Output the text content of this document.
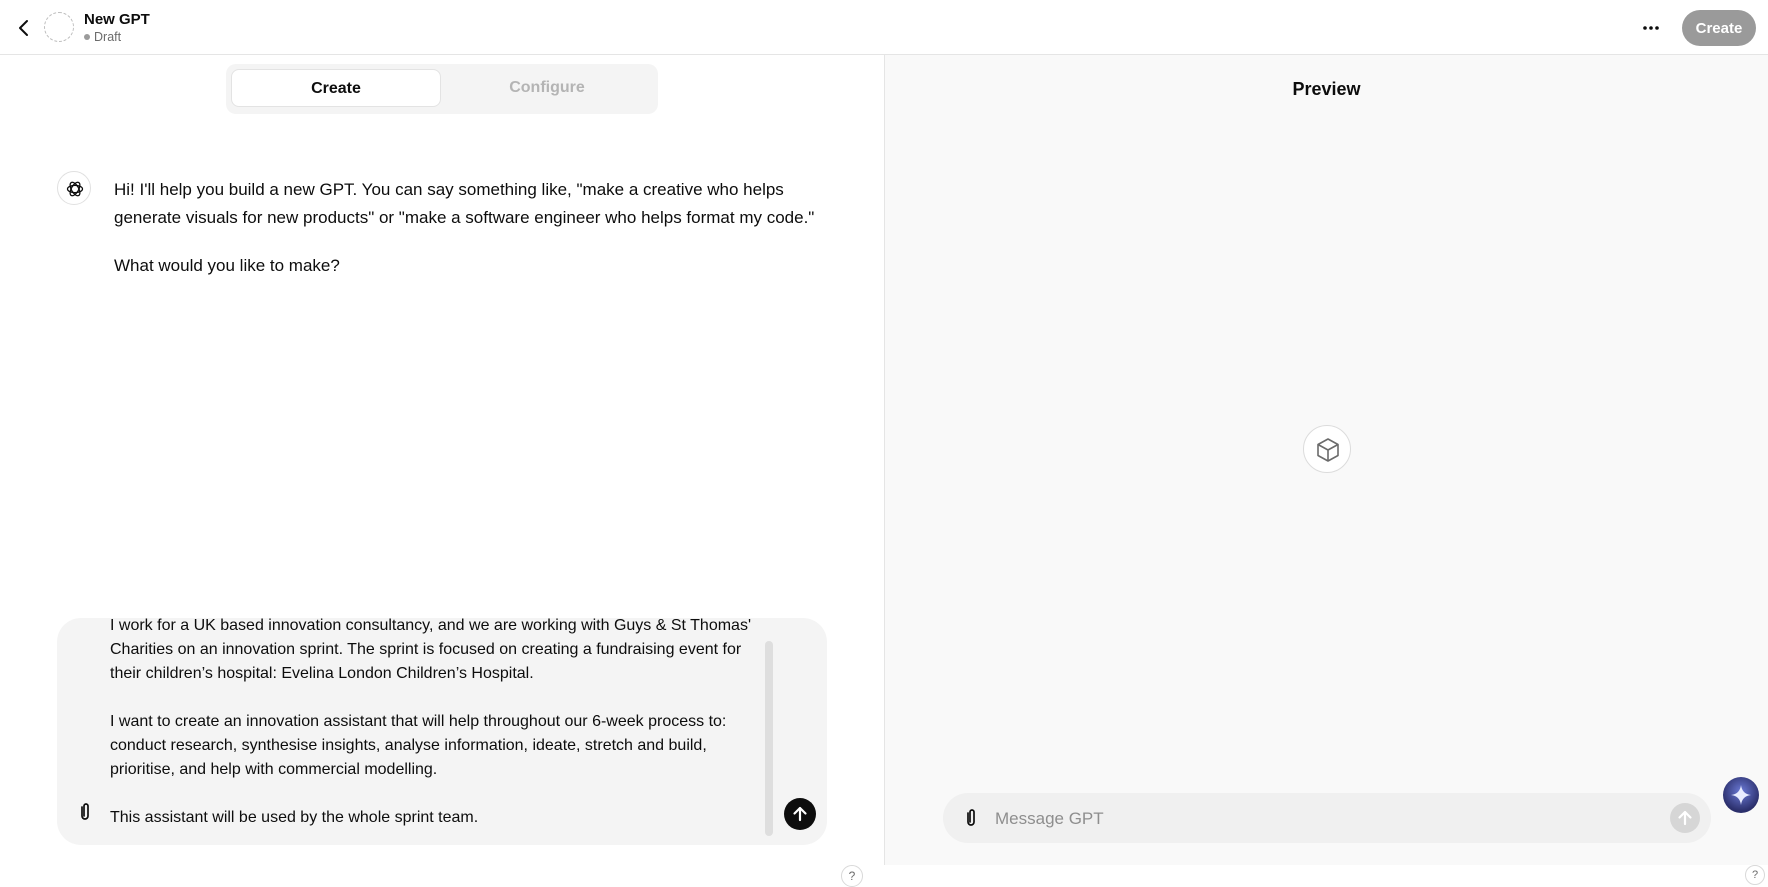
New GPT
Draft
Create
Create	Configure
Hi! I'll help you build a new GPT. You can say something like, "make a creative who helps generate visuals for new products" or "make a software engineer who helps format my code."
What would you like to make?
I work for a UK based innovation consultancy, and we are working with Guys & St Thomas'
Charities on an innovation sprint. The sprint is focused on creating a fundraising event for
their children’s hospital: Evelina London Children’s Hospital.

I want to create an innovation assistant that will help throughout our 6-week process to:
conduct research, synthesise insights, analyse information, ideate, stretch and build,
prioritise, and help with commercial modelling.

This assistant will be used by the whole sprint team.
?
Preview
Message GPT
?
